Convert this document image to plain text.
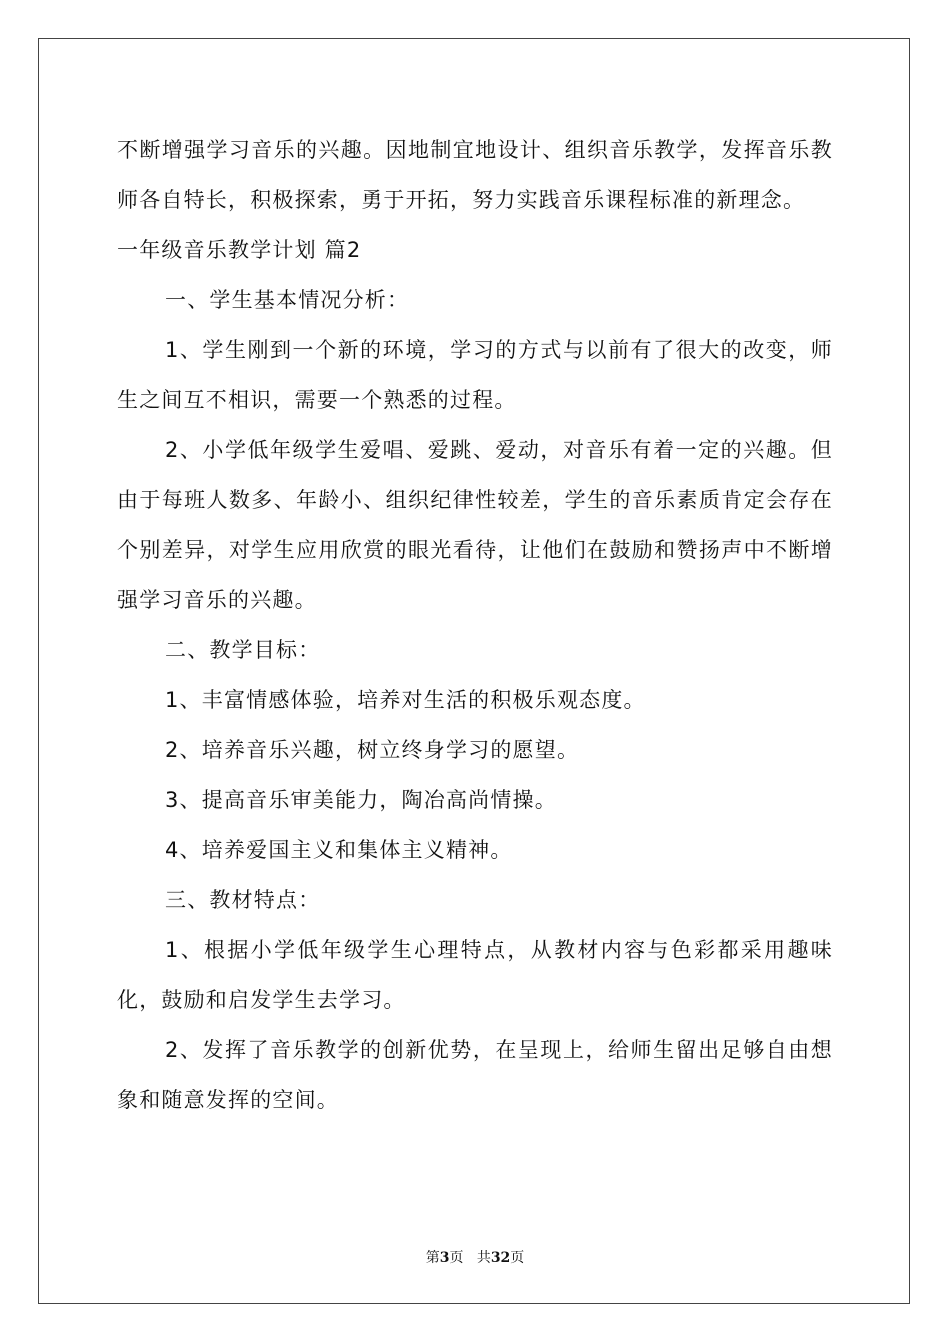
不断增强学习音乐的兴趣。因地制宜地设计、组织音乐教学，发挥音乐教师各自特长，积极探索，勇于开拓，努力实践音乐课程标准的新理念。

一年级音乐教学计划 篇2

一、学生基本情况分析：

1、学生刚到一个新的环境，学习的方式与以前有了很大的改变，师生之间互不相识，需要一个熟悉的过程。

2、小学低年级学生爱唱、爱跳、爱动，对音乐有着一定的兴趣。但由于每班人数多、年龄小、组织纪律性较差，学生的音乐素质肯定会存在个别差异，对学生应用欣赏的眼光看待，让他们在鼓励和赞扬声中不断增强学习音乐的兴趣。

二、教学目标：

1、丰富情感体验，培养对生活的积极乐观态度。

2、培养音乐兴趣，树立终身学习的愿望。

3、提高音乐审美能力，陶冶高尚情操。

4、培养爱国主义和集体主义精神。

三、教材特点：

1、根据小学低年级学生心理特点，从教材内容与色彩都采用趣味化，鼓励和启发学生去学习。

2、发挥了音乐教学的创新优势，在呈现上，给师生留出足够自由想象和随意发挥的空间。

第3页 共32页
